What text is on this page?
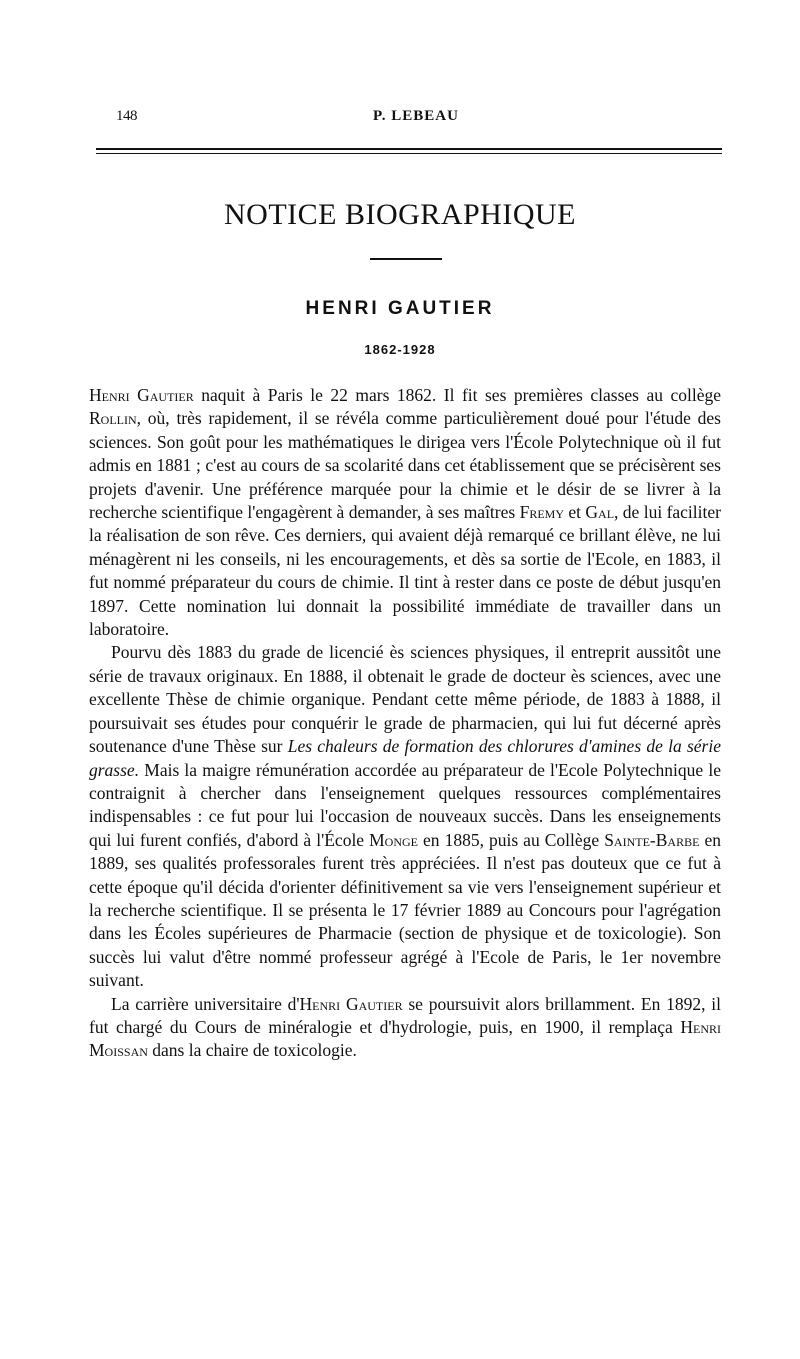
148	P. LEBEAU
NOTICE BIOGRAPHIQUE
HENRI GAUTIER
1862-1928

Henri Gautier naquit à Paris le 22 mars 1862. Il fit ses premières classes au collège Rollin, où, très rapidement, il se révéla comme particulièrement doué pour l'étude des sciences. Son goût pour les mathématiques le dirigea vers l'École Polytechnique où il fut admis en 1881 ; c'est au cours de sa scolarité dans cet établissement que se précisèrent ses projets d'avenir. Une préférence marquée pour la chimie et le désir de se livrer à la recherche scientifique l'engagèrent à demander, à ses maîtres Fremy et Gal, de lui faciliter la réalisation de son rêve. Ces derniers, qui avaient déjà remarqué ce brillant élève, ne lui ménagèrent ni les conseils, ni les encouragements, et dès sa sortie de l'Ecole, en 1883, il fut nommé préparateur du cours de chimie. Il tint à rester dans ce poste de début jusqu'en 1897. Cette nomination lui donnait la possibilité immédiate de travailler dans un laboratoire.

Pourvu dès 1883 du grade de licencié ès sciences physiques, il entreprit aussitôt une série de travaux originaux. En 1888, il obtenait le grade de docteur ès sciences, avec une excellente Thèse de chimie organique. Pendant cette même période, de 1883 à 1888, il poursuivait ses études pour conquérir le grade de pharmacien, qui lui fut décerné après soutenance d'une Thèse sur Les chaleurs de formation des chlorures d'amines de la série grasse. Mais la maigre rémunération accordée au préparateur de l'Ecole Polytechnique le contraignit à chercher dans l'enseignement quelques ressources complémentaires indispensables : ce fut pour lui l'occasion de nouveaux succès. Dans les enseignements qui lui furent confiés, d'abord à l'École Monge en 1885, puis au Collège Sainte-Barbe en 1889, ses qualités professorales furent très appréciées. Il n'est pas douteux que ce fut à cette époque qu'il décida d'orienter définitivement sa vie vers l'enseignement supérieur et la recherche scientifique. Il se présenta le 17 février 1889 au Concours pour l'agrégation dans les Écoles supérieures de Pharmacie (section de physique et de toxicologie). Son succès lui valut d'être nommé professeur agrégé à l'Ecole de Paris, le 1er novembre suivant.

La carrière universitaire d'Henri Gautier se poursuivit alors brillamment. En 1892, il fut chargé du Cours de minéralogie et d'hydrologie, puis, en 1900, il remplaça Henri Moissan dans la chaire de toxicologie.
